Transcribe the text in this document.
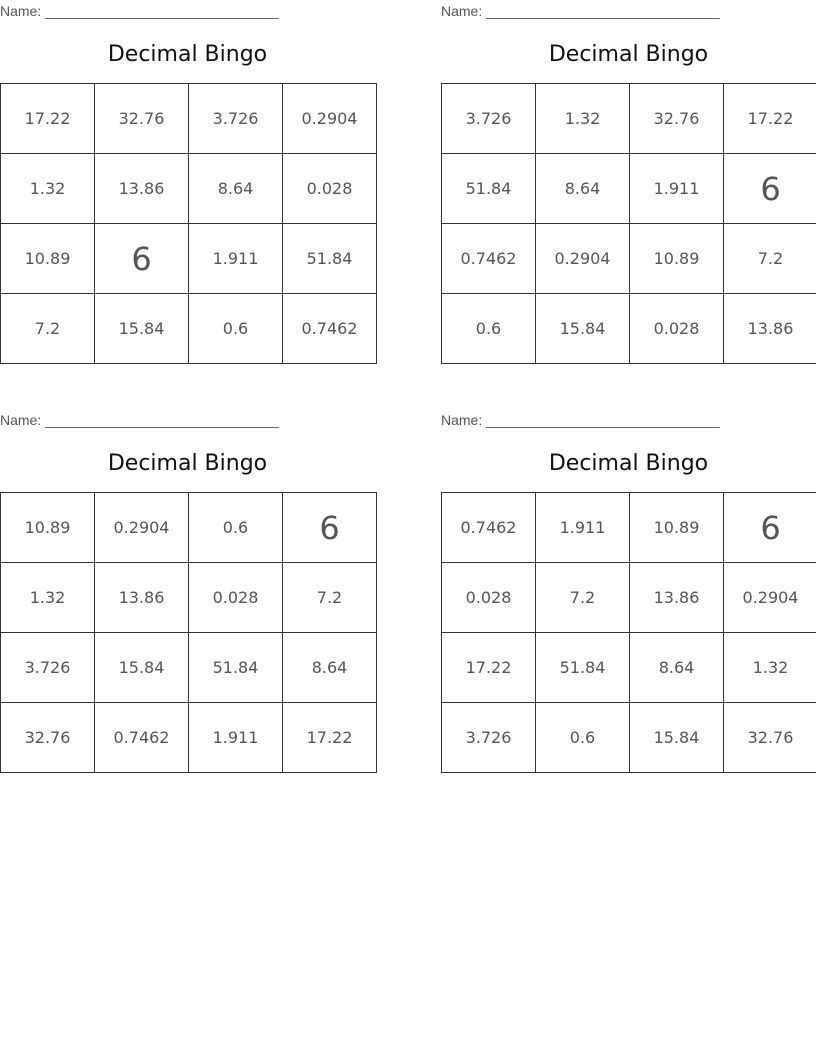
Name: ______________________________
Decimal Bingo
17.22	32.76	3.726	0.2904
1.32	13.86	8.64	0.028
10.89	6	1.911	51.84
7.2	15.84	0.6	0.7462
Name: ______________________________
Decimal Bingo
3.726	1.32	32.76	17.22
51.84	8.64	1.911	6
0.7462	0.2904	10.89	7.2
0.6	15.84	0.028	13.86
Name: ______________________________
Decimal Bingo
10.89	0.2904	0.6	6
1.32	13.86	0.028	7.2
3.726	15.84	51.84	8.64
32.76	0.7462	1.911	17.22
Name: ______________________________
Decimal Bingo
0.7462	1.911	10.89	6
0.028	7.2	13.86	0.2904
17.22	51.84	8.64	1.32
3.726	0.6	15.84	32.76
